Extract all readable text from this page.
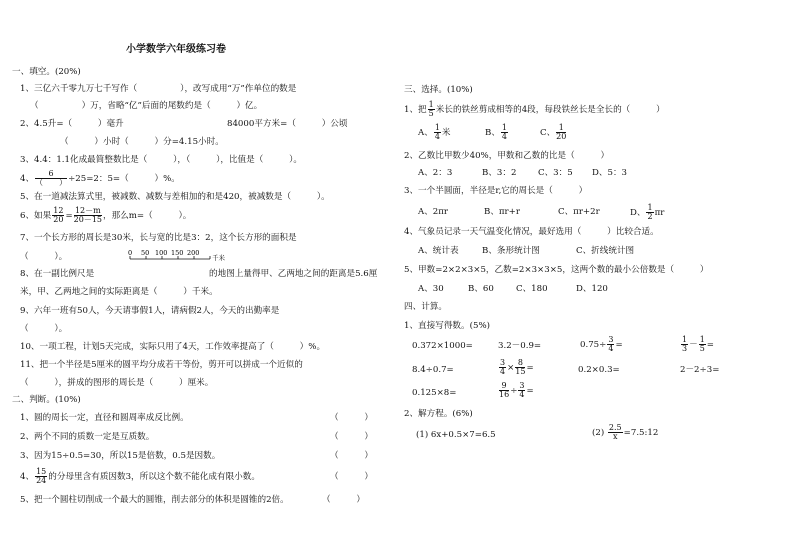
小学数学六年级练习卷
一、填空。(20%)
1、三亿六千零九万七千写作（　　　　　），改写成用“万”作单位的数是
（　　　　　）万，省略“亿”后面的尾数约是（　　　）亿。
2、4.5升=（　　　）毫升	84000平方米=（　　　）公顷
（　　　）小时（　　　）分=4.15小时。
3、4.4：1.1化成最简整数比是（　　　），（　　　），比值是（　　　）。
4、 $\frac{6}{( )} \div 25=2$：5=（　　　）%。
5、在一道减法算式里，被减数、减数与差相加的和是420，被减数是（　　　）。
6、如果 $\frac{12}{20} = \frac{12-m}{20-15}$ ，那么m=（　　　）。
7、一个长方形的周长是30米，长与宽的比是3：2，这个长方形的面积是
（　　　）。	0 50 100 150 200
千米
8、在一副比例尺是	的地图上量得甲、乙两地之间的距离是5.6厘
米，甲、乙两地之间的实际距离是（　　　）千米。
9、六年一班有50人，今天请事假1人，请病假2人，今天的出勤率是
（　　　）。
10、一项工程，计划5天完成，实际只用了4天，工作效率提高了（　　　）%。
11、把一个半径是5厘米的圆平均分成若干等份，剪开可以拼成一个近似的
（　　　），拼成的图形的周长是（　　　）厘米。
二、判断。(10%)
1、圆的周长一定，直径和圆周率成反比例。	（　　　）
2、两个不同的质数一定是互质数。	（　　　）
3、因为15÷0.5=30，所以15是倍数，0.5是因数。	（　　　）
4、 $\frac{15}{24}$ 的分母里含有质因数3，所以这个数不能化成有限小数。	（　　　）
5、把一个圆柱切削成一个最大的圆锥，削去部分的体积是圆锥的2倍。	（　　　）
三、选择。(10%)
1、把 $\frac{1}{5}$ 米长的铁丝剪成相等的4段，每段铁丝长是全长的（　　　）
A、 $\frac{1}{4}$ 米	B、 $\frac{1}{4}$	C、 $\frac{1}{20}$
2、乙数比甲数少40%，甲数和乙数的比是（　　　）
A、2：3	B、3：2	C、3：5 D、5：3
3、一个半圆面，半径是r,它的周长是（　　　）
A、2πr	B、πr+r	C、πr+2r	D、 $\frac{1}{2}$ πr
4、气象员记录一天气温变化情况，最好选用（　　　）比较合适。
A、统计表	B、条形统计图	C、折线统计图
5、甲数=2×2×3×5，乙数=2×3×3×5，这两个数的最小公倍数是（　　　）
A、30	B、60	C、180	D、120
四、计算。
1、直接写得数。(5%)
0.372×1000=	3.2－0.9=	$0.75\div \frac{3}{4}$ =	$\frac{1}{3} - \frac{1}{5}$ =
8.4÷0.7=	$\frac{3}{4} \times \frac{8}{15}$ =	0.2×0.3=	2－2÷3=
0.125×8=	$\frac{9}{16} \div \frac{3}{4}$ =
2、解方程。(6%)
(1) 6x+0.5×7=6.5	$(2) \frac{2.5}{x}$ =7.5:12
